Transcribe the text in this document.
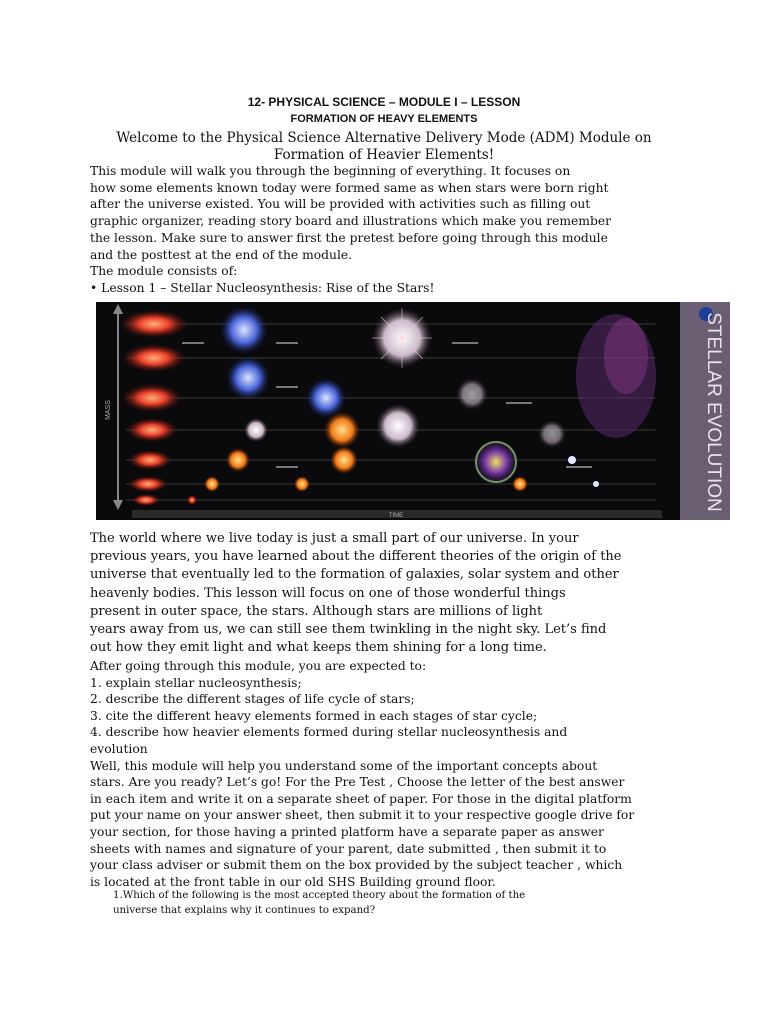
12- PHYSICAL SCIENCE – MODULE I – LESSON
FORMATION OF HEAVY ELEMENTS
Welcome to the Physical Science Alternative Delivery Mode (ADM) Module on
Formation of Heavier Elements!
This module will walk you through the beginning of everything. It focuses on
how some elements known today were formed same as when stars were born right
after the universe existed. You will be provided with activities such as filling out
graphic organizer, reading story board and illustrations which make you remember
the lesson. Make sure to answer first the pretest before going through this module
and the posttest at the end of the module.
The module consists of:
• Lesson 1 – Stellar Nucleosynthesis: Rise of the Stars!
MASS
TIME
STELLAR EVOLUTION
The world where we live today is just a small part of our universe. In your
previous years, you have learned about the different theories of the origin of the
universe that eventually led to the formation of galaxies, solar system and other
heavenly bodies. This lesson will focus on one of those wonderful things
present in outer space, the stars. Although stars are millions of light
years away from us, we can still see them twinkling in the night sky. Let’s find
out how they emit light and what keeps them shining for a long time.
After going through this module, you are expected to:
1. explain stellar nucleosynthesis;
2. describe the different stages of life cycle of stars;
3. cite the different heavy elements formed in each stages of star cycle;
4. describe how heavier elements formed during stellar nucleosynthesis and
evolution
Well, this module will help you understand some of the important concepts about
stars. Are you ready? Let’s go! For the Pre Test , Choose the letter of the best answer
in each item and write it on a separate sheet of paper. For those in the digital platform
put your name on your answer sheet, then submit it to your respective google drive for
your section, for those having a printed platform have a separate paper as answer
sheets with names and signature of your parent, date submitted , then submit it to
your class adviser or submit them on the box provided by the subject teacher , which
is located at the front table in our old SHS Building ground floor.
1.Which of the following is the most accepted theory about the formation of the
universe that explains why it continues to expand?
